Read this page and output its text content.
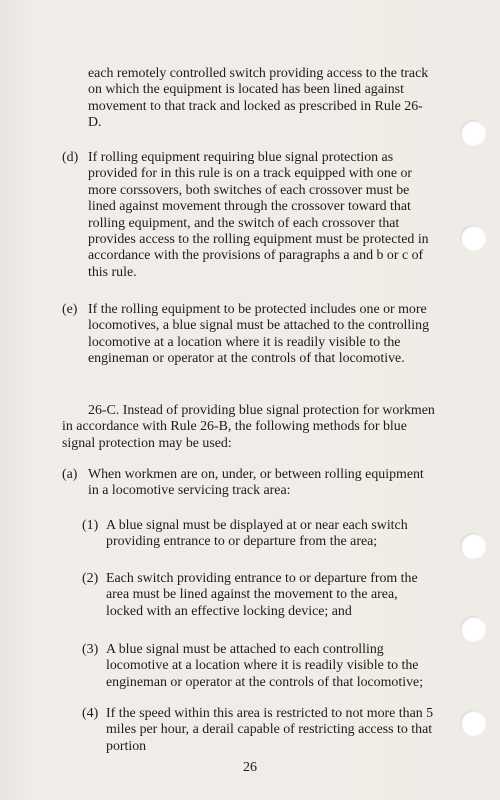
each remotely controlled switch providing access to the track on which the equipment is located has been lined against movement to that track and locked as prescribed in Rule 26-D.
(d) If rolling equipment requiring blue signal protection as provided for in this rule is on a track equipped with one or more corssovers, both switches of each crossover must be lined against movement through the crossover toward that rolling equipment, and the switch of each crossover that provides access to the rolling equipment must be protected in accordance with the provisions of paragraphs a and b or c of this rule.
(e) If the rolling equipment to be protected includes one or more locomotives, a blue signal must be attached to the controlling locomotive at a location where it is readily visible to the engineman or operator at the controls of that locomotive.
26-C. Instead of providing blue signal protection for workmen in accordance with Rule 26-B, the following methods for blue signal protection may be used:
(a) When workmen are on, under, or between rolling equipment in a locomotive servicing track area:
(1) A blue signal must be displayed at or near each switch providing entrance to or departure from the area;
(2) Each switch providing entrance to or departure from the area must be lined against the movement to the area, locked with an effective locking device; and
(3) A blue signal must be attached to each controlling locomotive at a location where it is readily visible to the engineman or operator at the controls of that locomotive;
(4) If the speed within this area is restricted to not more than 5 miles per hour, a derail capable of restricting access to that portion
26
